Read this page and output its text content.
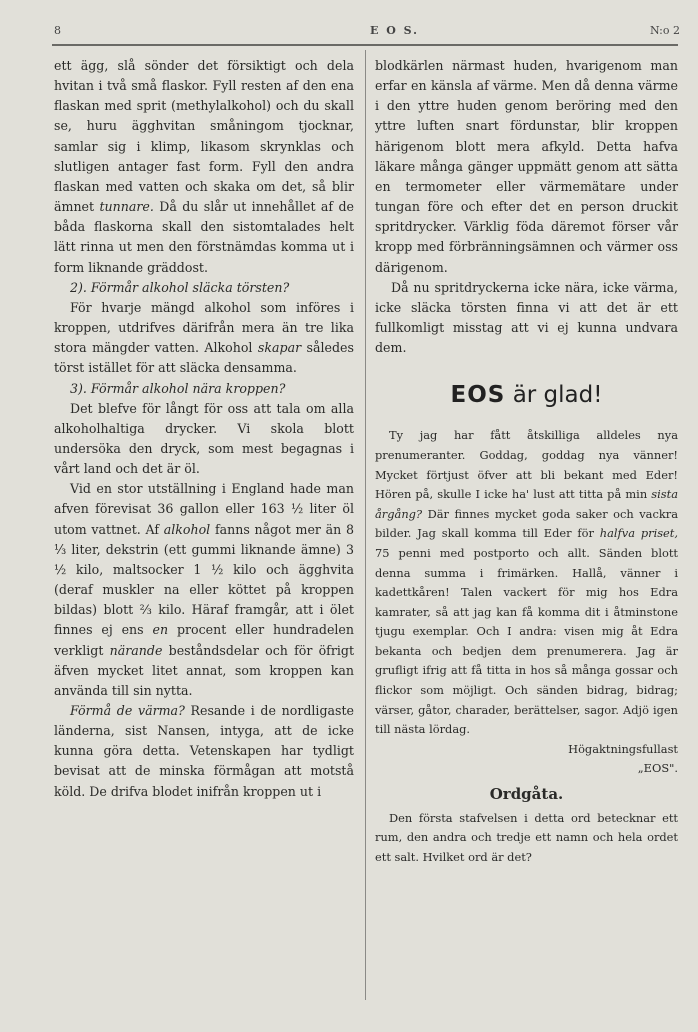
8	E O S.	N:o 2

ett ägg, slå sönder det försiktigt och dela hvitan i två små flaskor. Fyll resten af den ena flaskan med sprit (methylalkohol) och du skall se, huru ägghvitan småningom tjocknar, samlar sig i klimp, likasom skrynklas och slutligen antager fast form. Fyll den andra flaskan med vatten och skaka om det, så blir ämnet tunnare. Då du slår ut innehållet af de båda flaskorna skall den sistomtalades helt lätt rinna ut men den förstnämdas komma ut i form liknande gräddost.

2). Förmår alkohol släcka törsten?

För hvarje mängd alkohol som införes i kroppen, utdrifves därifrån mera än tre lika stora mängder vatten. Alkohol skapar således törst istället för att släcka densamma.

3). Förmår alkohol nära kroppen?

Det blefve för långt för oss att tala om alla alkoholhaltiga drycker. Vi skola blott undersöka den dryck, som mest begagnas i vårt land och det är öl.

Vid en stor utställning i England hade man afven förevisat 36 gallon eller 163 ½ liter öl utom vattnet. Af alkohol fanns något mer än 8 ⅓ liter, dekstrin (ett gummi liknande ämne) 3 ½ kilo, maltsocker 1 ½ kilo och ägghvita (deraf muskler na eller köttet på kroppen bildas) blott ⅔ kilo. Häraf framgår, att i ölet finnes ej ens en procent eller hundradelen verkligt närande beståndsdelar och för öfrigt äfven mycket litet annat, som kroppen kan använda till sin nytta.

Förmå de värma? Resande i de nordligaste länderna, sist Nansen, intyga, att de icke kunna göra detta. Vetenskapen har tydligt bevisat att de minska förmågan att motstå köld. De drifva blodet inifrån kroppen ut i

blodkärlen närmast huden, hvarigenom man erfar en känsla af värme. Men då denna värme i den yttre huden genom beröring med den yttre luften snart fördunstar, blir kroppen härigenom blott mera afkyld. Detta hafva läkare många gänger uppmätt genom att sätta en termometer eller värmemätare under tungan före och efter det en person druckit spritdrycker. Värklig föda däremot förser vår kropp med förbränningsämnen och värmer oss därigenom.

Då nu spritdryckerna icke nära, icke värma, icke släcka törsten finna vi att det är ett fullkomligt misstag att vi ej kunna undvara dem.

EOS är glad!

Ty jag har fått åtskilliga alldeles nya prenumeranter. Goddag, goddag nya vänner! Mycket förtjust öfver att bli bekant med Eder! Hören på, skulle I icke ha' lust att titta på min sista årgång? Där finnes mycket goda saker och vackra bilder. Jag skall komma till Eder för halfva priset, 75 penni med postporto och allt. Sänden blott denna summa i frimärken. Hallå, vänner i kadettkåren! Talen vackert för mig hos Edra kamrater, så att jag kan få komma dit i åtminstone tjugu exemplar. Och I andra: visen mig åt Edra bekanta och bedjen dem prenumerera. Jag är grufligt ifrig att få titta in hos så många gossar och flickor som möjligt. Och sänden bidrag, bidrag; värser, gåtor, charader, berättelser, sagor. Adjö igen till nästa lördag.

Högaktningsfullast

„EOS".

Ordgåta.

Den första stafvelsen i detta ord betecknar ett rum, den andra och tredje ett namn och hela ordet ett salt. Hvilket ord är det?
